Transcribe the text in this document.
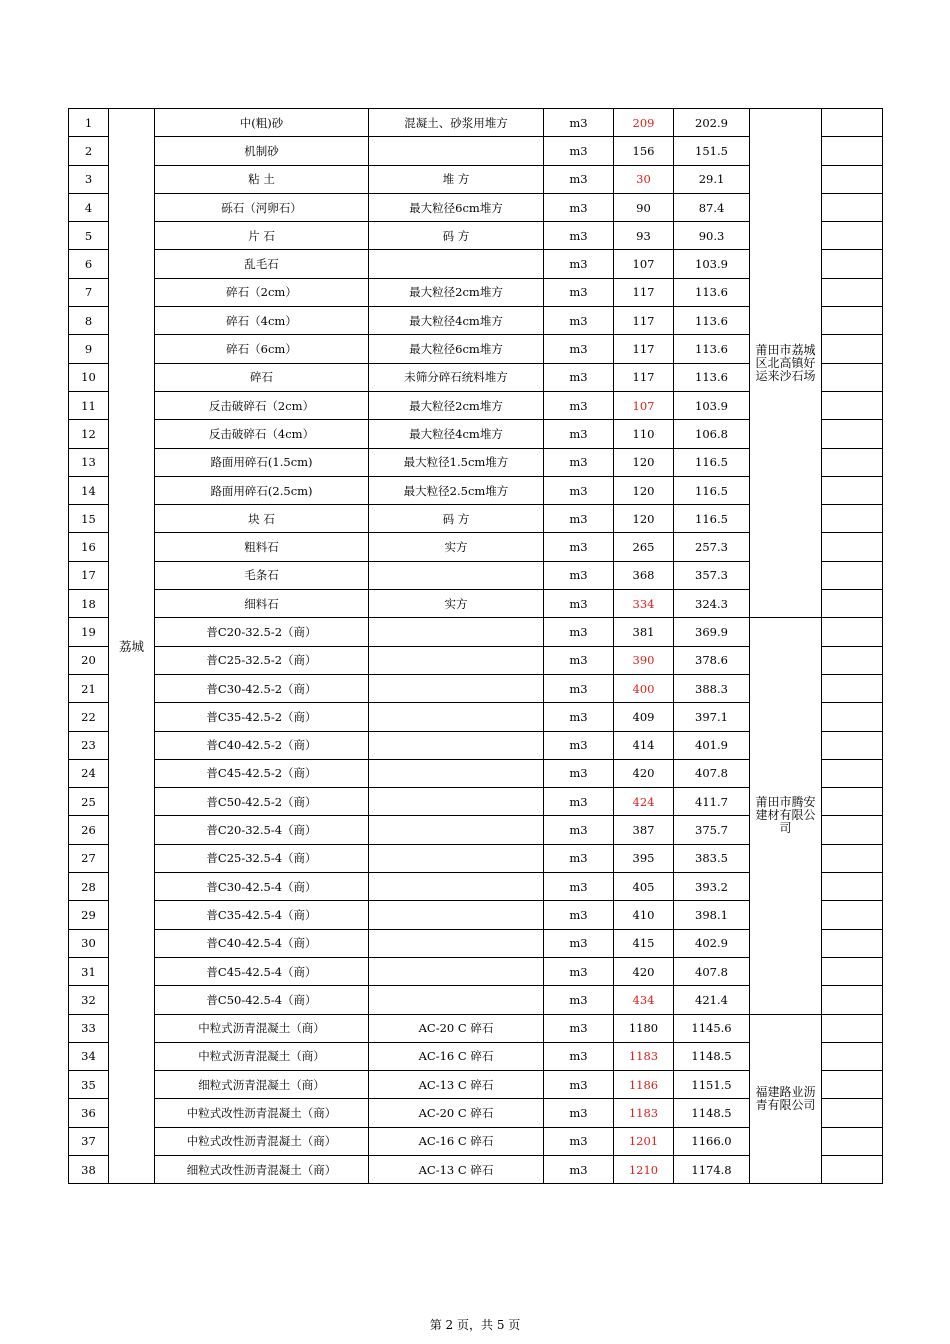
1	荔城	中(粗)砂	混凝土、砂浆用堆方	m3	209	202.9	莆田市荔城区北高镇好运来沙石场	
2		机制砂		m3	156	151.5		
3		粘 土	堆 方	m3	30	29.1		
4		砾石（河卵石）	最大粒径6cm堆方	m3	90	87.4		
5		片 石	码 方	m3	93	90.3		
6		乱毛石		m3	107	103.9		
7		碎石（2cm）	最大粒径2cm堆方	m3	117	113.6		
8		碎石（4cm）	最大粒径4cm堆方	m3	117	113.6		
9		碎石（6cm）	最大粒径6cm堆方	m3	117	113.6		
10		碎石	未筛分碎石统料堆方	m3	117	113.6		
11		反击破碎石（2cm）	最大粒径2cm堆方	m3	107	103.9		
12		反击破碎石（4cm）	最大粒径4cm堆方	m3	110	106.8		
13		路面用碎石(1.5cm)	最大粒径1.5cm堆方	m3	120	116.5		
14		路面用碎石(2.5cm)	最大粒径2.5cm堆方	m3	120	116.5		
15		块 石	码 方	m3	120	116.5		
16		粗料石	实方	m3	265	257.3		
17		毛条石		m3	368	357.3		
18		细料石	实方	m3	334	324.3		
19		普C20-32.5-2（商）		m3	381	369.9	莆田市腾安建材有限公司	
20		普C25-32.5-2（商）		m3	390	378.6		
21		普C30-42.5-2（商）		m3	400	388.3		
22		普C35-42.5-2（商）		m3	409	397.1		
23		普C40-42.5-2（商）		m3	414	401.9		
24		普C45-42.5-2（商）		m3	420	407.8		
25		普C50-42.5-2（商）		m3	424	411.7		
26		普C20-32.5-4（商）		m3	387	375.7		
27		普C25-32.5-4（商）		m3	395	383.5		
28		普C30-42.5-4（商）		m3	405	393.2		
29		普C35-42.5-4（商）		m3	410	398.1		
30		普C40-42.5-4（商）		m3	415	402.9		
31		普C45-42.5-4（商）		m3	420	407.8		
32		普C50-42.5-4（商）		m3	434	421.4		
33		中粒式沥青混凝土（商）	AC-20 C 碎石	m3	1180	1145.6	福建路业沥青有限公司	
34		中粒式沥青混凝土（商）	AC-16 C 碎石	m3	1183	1148.5		
35		细粒式沥青混凝土（商）	AC-13 C 碎石	m3	1186	1151.5		
36		中粒式改性沥青混凝土（商）	AC-20 C 碎石	m3	1183	1148.5		
37		中粒式改性沥青混凝土（商）	AC-16 C 碎石	m3	1201	1166.0		
38		细粒式改性沥青混凝土（商）	AC-13 C 碎石	m3	1210	1174.8		
第 2 页，共 5 页
